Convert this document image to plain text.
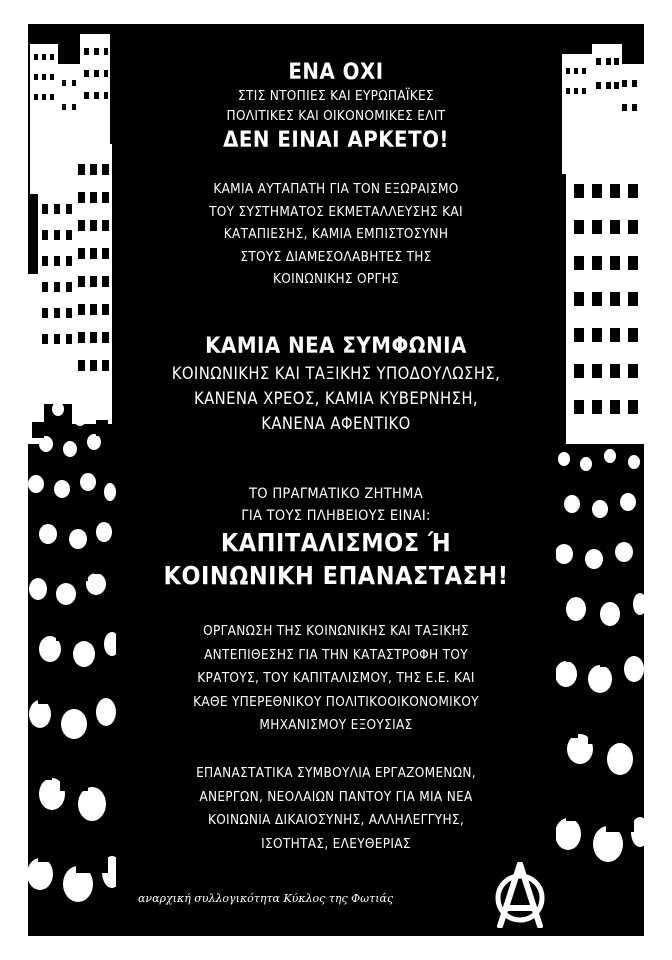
ΕΝΑ ΟΧΙ
ΣΤΙΣ ΝΤΟΠΙΕΣ ΚΑΙ ΕΥΡΩΠΑΪΚΕΣ
ΠΟΛΙΤΙΚΕΣ ΚΑΙ ΟΙΚΟΝΟΜΙΚΕΣ ΕΛΙΤ
ΔΕΝ ΕΙΝΑΙ ΑΡΚΕΤΟ!
ΚΑΜΙΑ ΑΥΤΑΠΑΤΗ ΓΙΑ ΤΟΝ ΕΞΩΡΑΙΣΜΟ
ΤΟΥ ΣΥΣΤΗΜΑΤΟΣ ΕΚΜΕΤΑΛΛΕΥΣΗΣ ΚΑΙ
ΚΑΤΑΠΙΕΣΗΣ, ΚΑΜΙΑ ΕΜΠΙΣΤΟΣΥΝΗ
ΣΤΟΥΣ ΔΙΑΜΕΣΟΛΑΒΗΤΕΣ ΤΗΣ
ΚΟΙΝΩΝΙΚΗΣ ΟΡΓΗΣ
ΚΑΜΙΑ ΝΕΑ ΣΥΜΦΩΝΙΑ
ΚΟΙΝΩΝΙΚΗΣ ΚΑΙ ΤΑΞΙΚΗΣ ΥΠΟΔΟΥΛΩΣΗΣ,
ΚΑΝΕΝΑ ΧΡΕΟΣ, ΚΑΜΙΑ ΚΥΒΕΡΝΗΣΗ,
ΚΑΝΕΝΑ ΑΦΕΝΤΙΚΟ
ΤΟ ΠΡΑΓΜΑΤΙΚΟ ΖΗΤΗΜΑ
ΓΙΑ ΤΟΥΣ ΠΛΗΒΕΙΟΥΣ ΕΙΝΑΙ:
ΚΑΠΙΤΑΛΙΣΜΟΣ Ή
ΚΟΙΝΩΝΙΚΗ ΕΠΑΝΑΣΤΑΣΗ!
ΟΡΓΑΝΩΣΗ ΤΗΣ ΚΟΙΝΩΝΙΚΗΣ ΚΑΙ ΤΑΞΙΚΗΣ
ΑΝΤΕΠΙΘΕΣΗΣ ΓΙΑ ΤΗΝ ΚΑΤΑΣΤΡΟΦΗ ΤΟΥ
ΚΡΑΤΟΥΣ, ΤΟΥ ΚΑΠΙΤΑΛΙΣΜΟΥ, ΤΗΣ Ε.Ε. ΚΑΙ
ΚΑΘΕ ΥΠΕΡΕΘΝΙΚΟΥ ΠΟΛΙΤΙΚΟΟΙΚΟΝΟΜΙΚΟΥ
ΜΗΧΑΝΙΣΜΟΥ ΕΞΟΥΣΙΑΣ
ΕΠΑΝΑΣΤΑΤΙΚΑ ΣΥΜΒΟΥΛΙΑ ΕΡΓΑΖΟΜΕΝΩΝ,
ΑΝΕΡΓΩΝ, ΝΕΟΛΑΙΩΝ ΠΑΝΤΟΥ ΓΙΑ ΜΙΑ ΝΕΑ
ΚΟΙΝΩΝΙΑ ΔΙΚΑΙΟΣΥΝΗΣ, ΑΛΛΗΛΕΓΓΥΗΣ,
ΙΣΟΤΗΤΑΣ, ΕΛΕΥΘΕΡΙΑΣ
αναρχική συλλογικότητα Κύκλος της Φωτιάς
